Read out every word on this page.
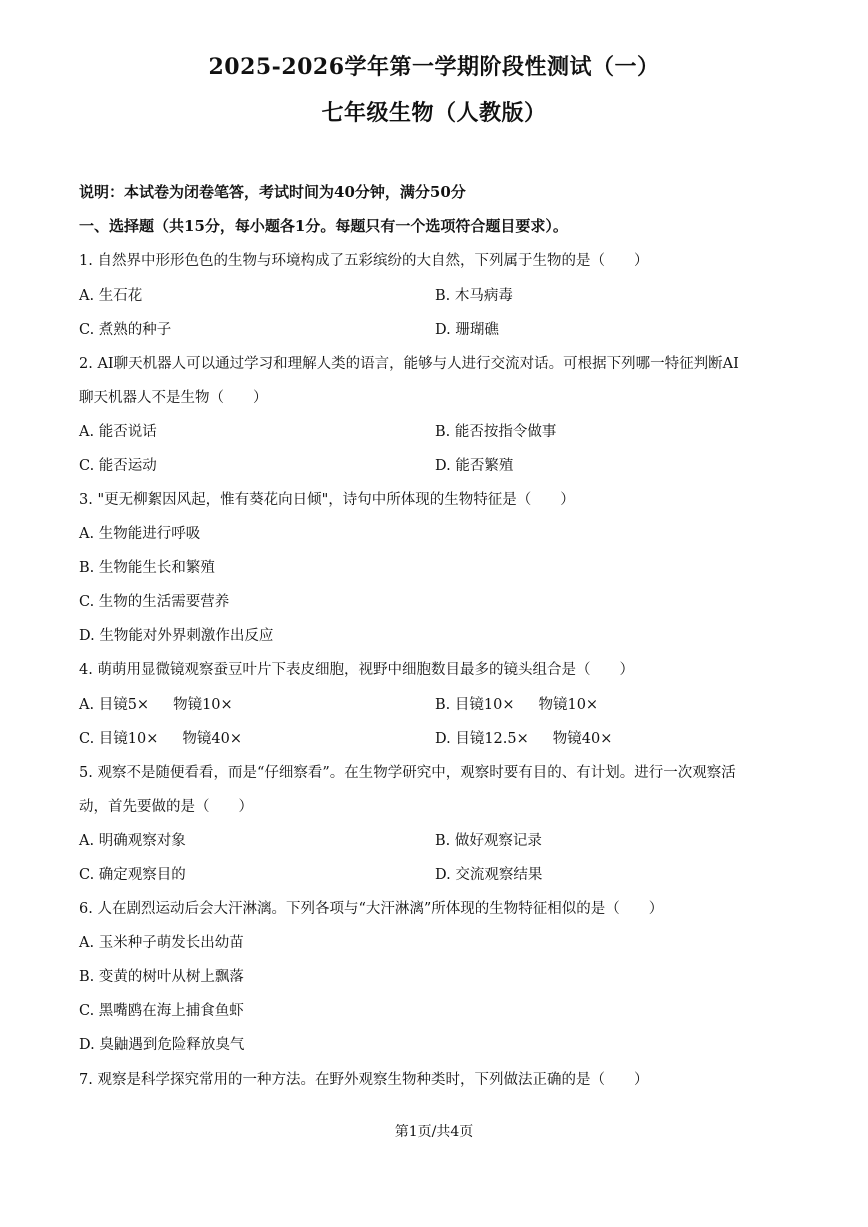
2025-2026学年第一学期阶段性测试（一）
七年级生物（人教版）
说明：本试卷为闭卷笔答，考试时间为40分钟，满分50分
一、选择题（共15分，每小题各1分。每题只有一个选项符合题目要求）。
1. 自然界中形形色色的生物与环境构成了五彩缤纷的大自然，下列属于生物的是（　　）
A. 生石花	B. 木马病毒
C. 煮熟的种子	D. 珊瑚礁
2. AI聊天机器人可以通过学习和理解人类的语言，能够与人进行交流对话。可根据下列哪一特征判断AI
聊天机器人不是生物（　　）
A. 能否说话	B. 能否按指令做事
C. 能否运动	D. 能否繁殖
3. "更无柳絮因风起，惟有葵花向日倾"，诗句中所体现的生物特征是（　　）
A. 生物能进行呼吸
B. 生物能生长和繁殖
C. 生物的生活需要营养
D. 生物能对外界刺激作出反应
4. 萌萌用显微镜观察蚕豆叶片下表皮细胞，视野中细胞数目最多的镜头组合是（　　）
A. 目镜5× 物镜10×	B. 目镜10× 物镜10×
C. 目镜10× 物镜40×	D. 目镜12.5× 物镜40×
5. 观察不是随便看看，而是“仔细察看”。在生物学研究中，观察时要有目的、有计划。进行一次观察活
动，首先要做的是（　　）
A. 明确观察对象	B. 做好观察记录
C. 确定观察目的	D. 交流观察结果
6. 人在剧烈运动后会大汗淋漓。下列各项与“大汗淋漓”所体现的生物特征相似的是（　　）
A. 玉米种子萌发长出幼苗
B. 变黄的树叶从树上飘落
C. 黑嘴鸥在海上捕食鱼虾
D. 臭鼬遇到危险释放臭气
7. 观察是科学探究常用的一种方法。在野外观察生物种类时，下列做法正确的是（　　）
第1页/共4页
